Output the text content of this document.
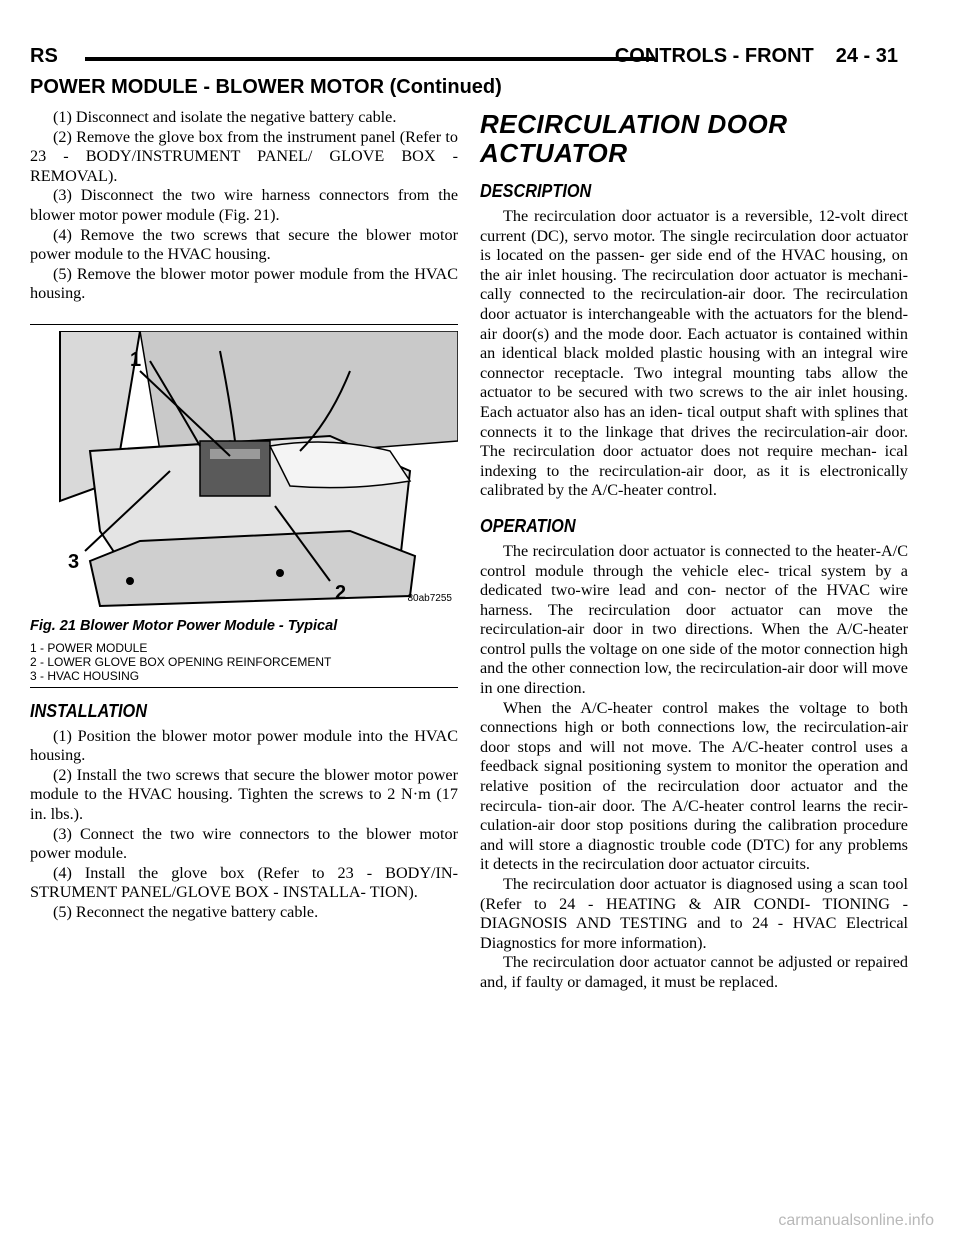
RS	CONTROLS - FRONT 24 - 31
POWER MODULE - BLOWER MOTOR (Continued)

(1) Disconnect and isolate the negative battery cable.

(2) Remove the glove box from the instrument panel (Refer to 23 - BODY/INSTRUMENT PANEL/ GLOVE BOX - REMOVAL).

(3) Disconnect the two wire harness connectors from the blower motor power module (Fig. 21).

(4) Remove the two screws that secure the blower motor power module to the HVAC housing.

(5) Remove the blower motor power module from the HVAC housing.

1
2
3
80ab7255
Fig. 21 Blower Motor Power Module - Typical
1 - POWER MODULE
2 - LOWER GLOVE BOX OPENING REINFORCEMENT
3 - HVAC HOUSING
INSTALLATION

(1) Position the blower motor power module into the HVAC housing.

(2) Install the two screws that secure the blower motor power module to the HVAC housing. Tighten the screws to 2 N·m (17 in. lbs.).

(3) Connect the two wire connectors to the blower motor power module.

(4) Install the glove box (Refer to 23 - BODY/IN- STRUMENT PANEL/GLOVE BOX - INSTALLA- TION).

(5) Reconnect the negative battery cable.

RECIRCULATION DOOR ACTUATOR
DESCRIPTION

The recirculation door actuator is a reversible, 12-volt direct current (DC), servo motor. The single recirculation door actuator is located on the passen- ger side end of the HVAC housing, on the air inlet housing. The recirculation door actuator is mechani- cally connected to the recirculation-air door. The recirculation door actuator is interchangeable with the actuators for the blend-air door(s) and the mode door. Each actuator is contained within an identical black molded plastic housing with an integral wire connector receptacle. Two integral mounting tabs allow the actuator to be secured with two screws to the air inlet housing. Each actuator also has an iden- tical output shaft with splines that connects it to the linkage that drives the recirculation-air door. The recirculation door actuator does not require mechan- ical indexing to the recirculation-air door, as it is electronically calibrated by the A/C-heater control.

OPERATION

The recirculation door actuator is connected to the heater-A/C control module through the vehicle elec- trical system by a dedicated two-wire lead and con- nector of the HVAC wire harness. The recirculation door actuator can move the recirculation-air door in two directions. When the A/C-heater control pulls the voltage on one side of the motor connection high and the other connection low, the recirculation-air door will move in one direction.

When the A/C-heater control makes the voltage to both connections high or both connections low, the recirculation-air door stops and will not move. The A/C-heater control uses a feedback signal positioning system to monitor the operation and relative position of the recirculation door actuator and the recircula- tion-air door. The A/C-heater control learns the recir- culation-air door stop positions during the calibration procedure and will store a diagnostic trouble code (DTC) for any problems it detects in the recirculation door actuator circuits.

The recirculation door actuator is diagnosed using a scan tool (Refer to 24 - HEATING & AIR CONDI- TIONING - DIAGNOSIS AND TESTING and to 24 - HVAC Electrical Diagnostics for more information).

The recirculation door actuator cannot be adjusted or repaired and, if faulty or damaged, it must be replaced.

carmanualsonline.info
